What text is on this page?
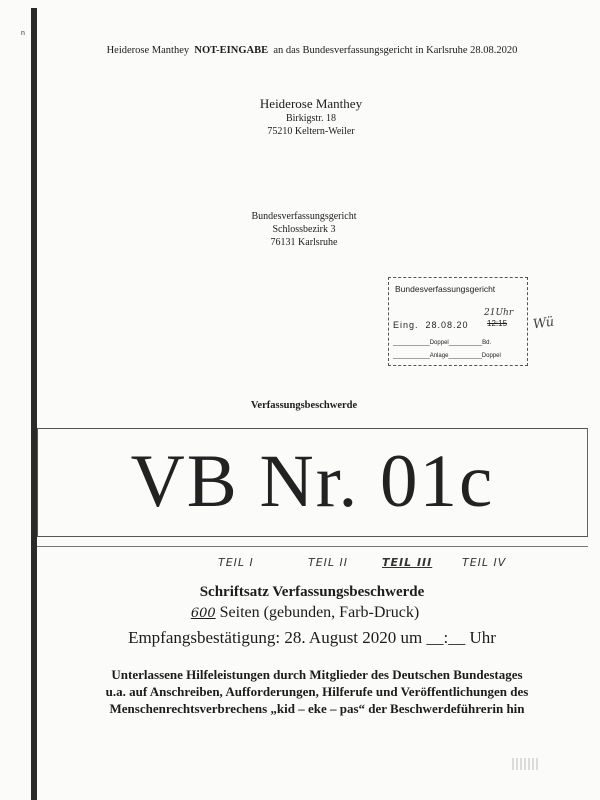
n
Heiderose Manthey NOT-EINGABE an das Bundesverfassungsgericht in Karlsruhe 28.08.2020
Heiderose Manthey
Birkigstr. 18
75210 Keltern-Weiler
Bundesverfassungsgericht
Schlossbezirk 3
76131 Karlsruhe
Bundesverfassungsgericht
21Uhr
Eing. 28.08.20 12:15
___________Doppel__________Bd.
___________Anlage__________Doppel
Wü
Verfassungsbeschwerde
VB Nr. 01c
TEIL I	TEIL II	TEIL III	TEIL IV
Schriftsatz Verfassungsbeschwerde
600 Seiten (gebunden, Farb-Druck)
Empfangsbestätigung: 28. August 2020 um __:__ Uhr
Unterlassene Hilfeleistungen durch Mitglieder des Deutschen Bundestages
u.a. auf Anschreiben, Aufforderungen, Hilferufe und Veröffentlichungen des
Menschenrechtsverbrechens „kid – eke – pas“ der Beschwerdeführerin hin
